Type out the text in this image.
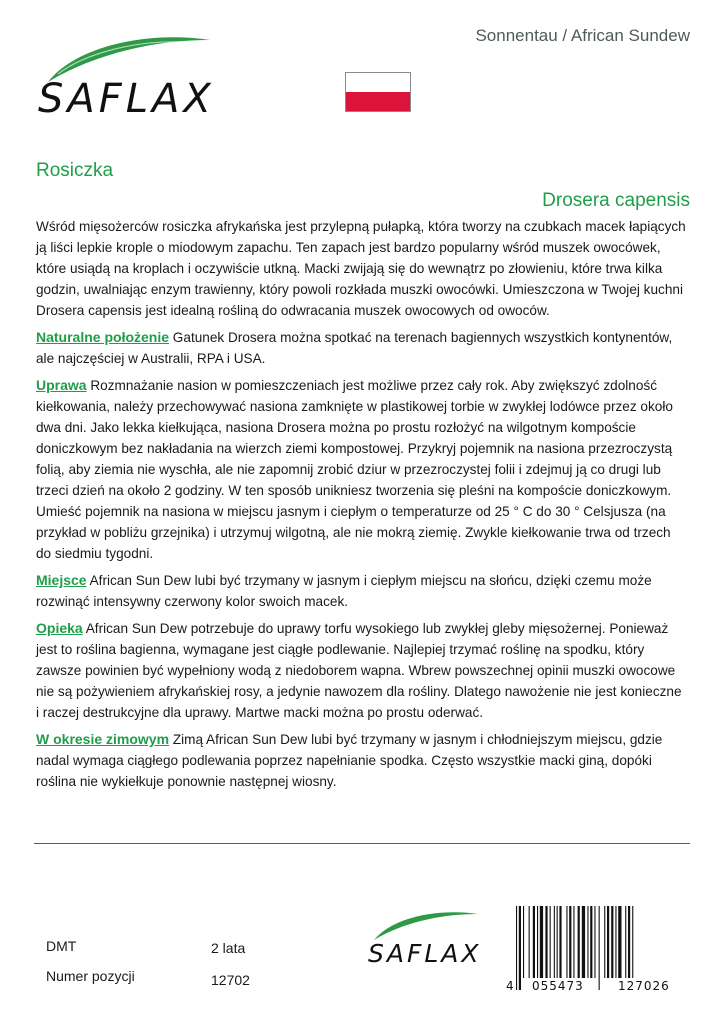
Sonnentau / African Sundew
SAFLAX
Rosiczka
Drosera capensis

Wśród mięsożerców rosiczka afrykańska jest przylepną pułapką, która tworzy na czubkach macek łapiących ją liści lepkie krople o miodowym zapachu. Ten zapach jest bardzo popularny wśród muszek owocówek, które usiądą na kroplach i oczywiście utkną. Macki zwijają się do wewnątrz po złowieniu, które trwa kilka godzin, uwalniając enzym trawienny, który powoli rozkłada muszki owocówki. Umieszczona w Twojej kuchni Drosera capensis jest idealną rośliną do odwracania muszek owocowych od owoców.

Naturalne położenie Gatunek Drosera można spotkać na terenach bagiennych wszystkich kontynentów, ale najczęściej w Australii, RPA i USA.

Uprawa Rozmnażanie nasion w pomieszczeniach jest możliwe przez cały rok. Aby zwiększyć zdolność kiełkowania, należy przechowywać nasiona zamknięte w plastikowej torbie w zwykłej lodówce przez około dwa dni. Jako lekka kiełkująca, nasiona Drosera można po prostu rozłożyć na wilgotnym kompoście doniczkowym bez nakładania na wierzch ziemi kompostowej. Przykryj pojemnik na nasiona przezroczystą folią, aby ziemia nie wyschła, ale nie zapomnij zrobić dziur w przezroczystej folii i zdejmuj ją co drugi lub trzeci dzień na około 2 godziny. W ten sposób unikniesz tworzenia się pleśni na kompoście doniczkowym. Umieść pojemnik na nasiona w miejscu jasnym i ciepłym o temperaturze od 25 ° C do 30 ° Celsjusza (na przykład w pobliżu grzejnika) i utrzymuj wilgotną, ale nie mokrą ziemię. Zwykle kiełkowanie trwa od trzech do siedmiu tygodni.

Miejsce African Sun Dew lubi być trzymany w jasnym i ciepłym miejscu na słońcu, dzięki czemu może rozwinąć intensywny czerwony kolor swoich macek.

Opieka African Sun Dew potrzebuje do uprawy torfu wysokiego lub zwykłej gleby mięsożernej. Ponieważ jest to roślina bagienna, wymagane jest ciągłe podlewanie. Najlepiej trzymać roślinę na spodku, który zawsze powinien być wypełniony wodą z niedoborem wapna. Wbrew powszechnej opinii muszki owocowe nie są pożywieniem afrykańskiej rosy, a jedynie nawozem dla rośliny. Dlatego nawożenie nie jest konieczne i raczej destrukcyjne dla uprawy. Martwe macki można po prostu oderwać.

W okresie zimowym Zimą African Sun Dew lubi być trzymany w jasnym i chłodniejszym miejscu, gdzie nadal wymaga ciągłego podlewania poprzez napełnianie spodka. Często wszystkie macki giną, dopóki roślina nie wykiełkuje ponownie następnej wiosny.

DMT	2 lata
Numer pozycji	12702
SAFLAX
4 055473	127026
